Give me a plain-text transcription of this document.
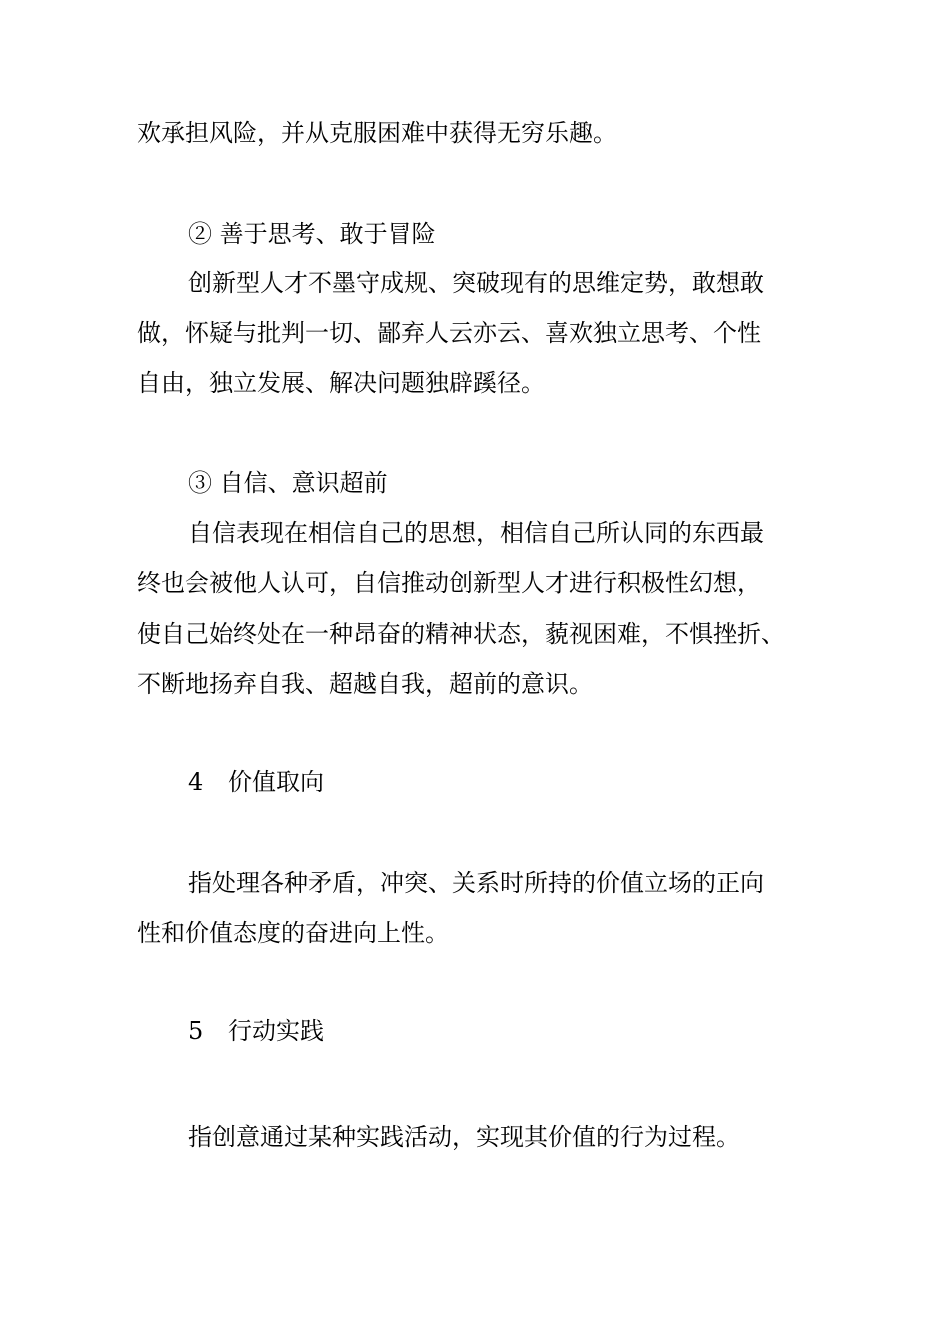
欢承担风险，并从克服困难中获得无穷乐趣。
② 善于思考、敢于冒险
创新型人才不墨守成规、突破现有的思维定势，敢想敢
做，怀疑与批判一切、鄙弃人云亦云、喜欢独立思考、个性
自由，独立发展、解决问题独辟蹊径。
③ 自信、意识超前
自信表现在相信自己的思想，相信自己所认同的东西最
终也会被他人认可，自信推动创新型人才进行积极性幻想，
使自己始终处在一种昂奋的精神状态，藐视困难，不惧挫折、
不断地扬弃自我、超越自我，超前的意识。
4 价值取向
指处理各种矛盾，冲突、关系时所持的价值立场的正向
性和价值态度的奋进向上性。
5 行动实践
指创意通过某种实践活动，实现其价值的行为过程。
